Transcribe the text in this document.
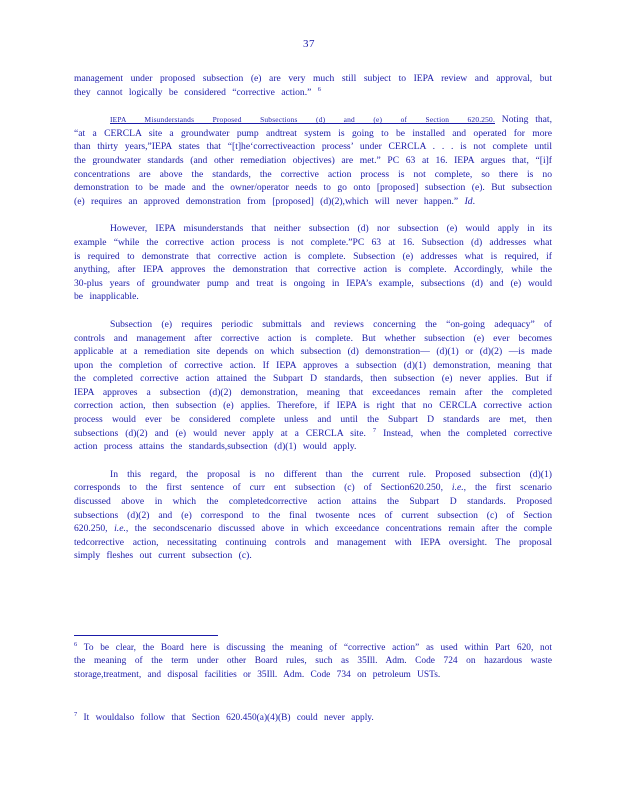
37

management under proposed subsection (e) are very much still subject to IEPA review and approval, but they cannot logically be considered “corrective action.” $^6$

IEPA Misunderstands Proposed Subsections (d) and (e) of Section 620.250. Noting that, “at a CERCLA site a groundwater pump andtreat system is going to be installed and operated for more than thirty years,”IEPA states that “[t]he‘correctiveaction process’ under CERCLA . . . is not complete until the groundwater standards (and other remediation objectives) are met.” PC 63 at 16. IEPA argues that, “[i]f concentrations are above the standards, the corrective action process is not complete, so there is no demonstration to be made and the owner/operator needs to go onto [proposed] subsection (e). But subsection (e) requires an approved demonstration from [proposed] (d)(2),which will never happen.” Id.

However, IEPA misunderstands that neither subsection (d) nor subsection (e) would apply in its example “while the corrective action process is not complete.”PC 63 at 16. Subsection (d) addresses what is required to demonstrate that corrective action is complete. Subsection (e) addresses what is required, if anything, after IEPA approves the demonstration that corrective action is complete. Accordingly, while the 30-plus years of groundwater pump and treat is ongoing in IEPA’s example, subsections (d) and (e) would be inapplicable.

Subsection (e) requires periodic submittals and reviews concerning the “on-going adequacy” of controls and management after corrective action is complete. But whether subsection (e) ever becomes applicable at a remediation site depends on which subsection (d) demonstration— (d)(1) or (d)(2) —is made upon the completion of corrective action. If IEPA approves a subsection (d)(1) demonstration, meaning that the completed corrective action attained the Subpart D standards, then subsection (e) never applies. But if IEPA approves a subsection (d)(2) demonstration, meaning that exceedances remain after the completed correction action, then subsection (e) applies. Therefore, if IEPA is right that no CERCLA corrective action process would ever be considered complete unless and until the Subpart D standards are met, then subsections (d)(2) and (e) would never apply at a CERCLA site. $^7$ Instead, when the completed corrective action process attains the standards,subsection (d)(1) would apply.

In this regard, the proposal is no different than the current rule. Proposed subsection (d)(1) corresponds to the first sentence of curr ent subsection (c) of Section620.250, i.e., the first scenario discussed above in which the completedcorrective action attains the Subpart D standards. Proposed subsections (d)(2) and (e) correspond to the final twosente nces of current subsection (c) of Section 620.250, i.e., the secondscenario discussed above in which exceedance concentrations remain after the comple tedcorrective action, necessitating continuing controls and management with IEPA oversight. The proposal simply fleshes out current subsection (c).

$^6$ To be clear, the Board here is discussing the meaning of “corrective action” as used within Part 620, not the meaning of the term under other Board rules, such as 35Ill. Adm. Code 724 on hazardous waste storage,treatment, and disposal facilities or 35Ill. Adm. Code 734 on petroleum USTs.
$^7$ It wouldalso follow that Section 620.450(a)(4)(B) could never apply.
